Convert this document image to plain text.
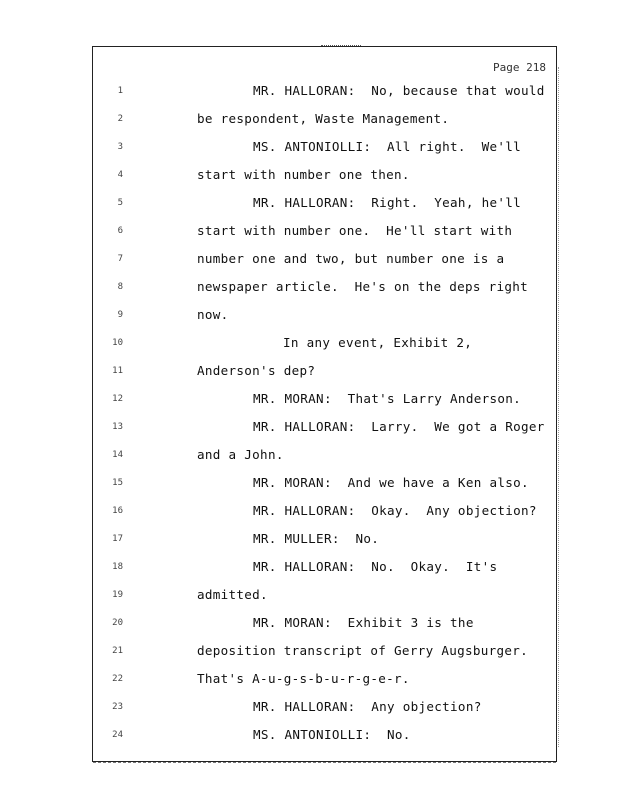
Page 218
1	MR. HALLORAN:  No, because that would
2	be respondent, Waste Management.
3	MS. ANTONIOLLI:  All right.  We'll
4	start with number one then.
5	MR. HALLORAN:  Right.  Yeah, he'll
6	start with number one.  He'll start with
7	number one and two, but number one is a
8	newspaper article.  He's on the deps right
9	now.
10	In any event, Exhibit 2,
11	Anderson's dep?
12	MR. MORAN:  That's Larry Anderson.
13	MR. HALLORAN:  Larry.  We got a Roger
14	and a John.
15	MR. MORAN:  And we have a Ken also.
16	MR. HALLORAN:  Okay.  Any objection?
17	MR. MULLER:  No.
18	MR. HALLORAN:  No.  Okay.  It's
19	admitted.
20	MR. MORAN:  Exhibit 3 is the
21	deposition transcript of Gerry Augsburger.
22	That's A-u-g-s-b-u-r-g-e-r.
23	MR. HALLORAN:  Any objection?
24	MS. ANTONIOLLI:  No.
